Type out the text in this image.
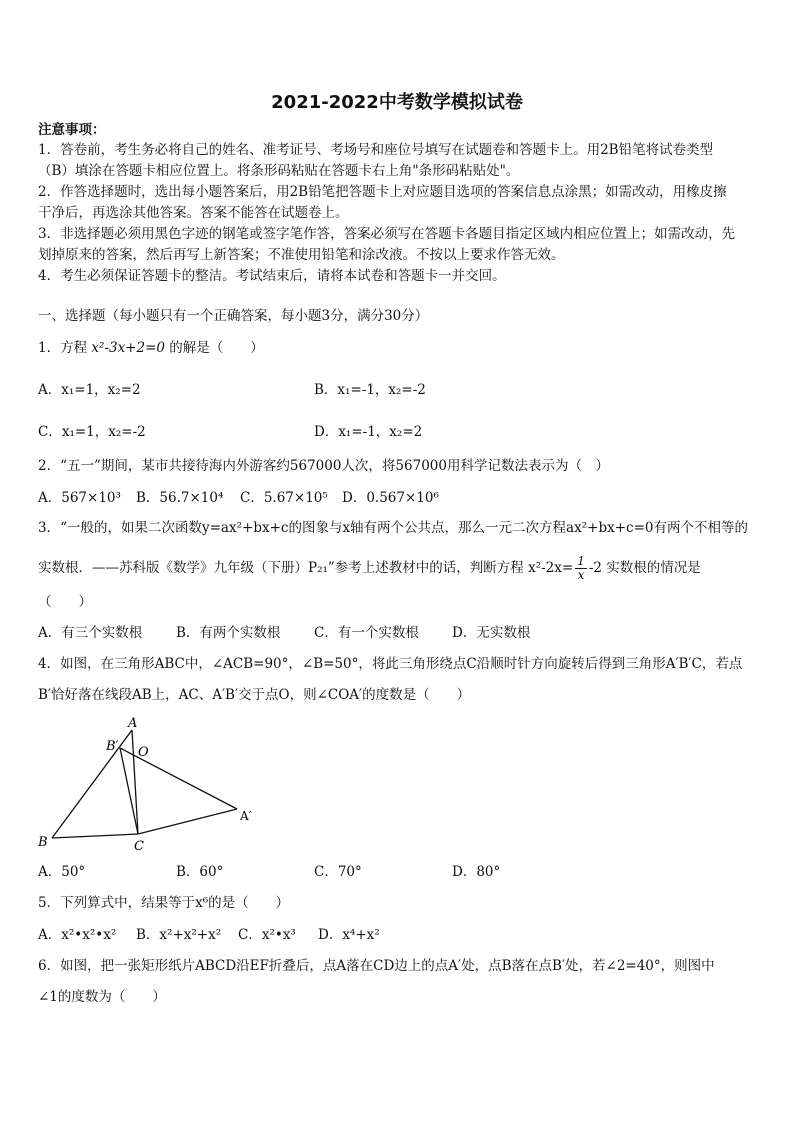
2021-2022中考数学模拟试卷
注意事项：
1．答卷前，考生务必将自己的姓名、准考证号、考场号和座位号填写在试题卷和答题卡上。用2B铅笔将试卷类型
（B）填涂在答题卡相应位置上。将条形码粘贴在答题卡右上角"条形码粘贴处"。
2．作答选择题时，选出每小题答案后，用2B铅笔把答题卡上对应题目选项的答案信息点涂黑；如需改动，用橡皮擦
干净后，再选涂其他答案。答案不能答在试题卷上。
3．非选择题必须用黑色字迹的钢笔或签字笔作答，答案必须写在答题卡各题目指定区域内相应位置上；如需改动，先
划掉原来的答案，然后再写上新答案；不准使用铅笔和涂改液。不按以上要求作答无效。
4．考生必须保证答题卡的整洁。考试结束后，请将本试卷和答题卡一并交回。
一、选择题（每小题只有一个正确答案，每小题3分，满分30分）
1．方程 x²-3x+2=0 的解是（　　）
A．x₁=1，x₂=2	B．x₁=-1，x₂=-2
C．x₁=1，x₂=-2	D．x₁=-1，x₂=2
2．“五一”期间，某市共接待海内外游客约567000人次，将567000用科学记数法表示为（　）
A．567×10³ B．56.7×10⁴ C．5.67×10⁵ D．0.567×10⁶
3．“一般的，如果二次函数y=ax²+bx+c的图象与x轴有两个公共点，那么一元二次方程ax²+bx+c=0有两个不相等的
实数根．——苏科版《数学》九年级（下册）P₂₁”参考上述教材中的话，判断方程 $x^2-2x= \frac{1}{x} -2$ 实数根的情况是
（　　）
A．有三个实数根	B．有两个实数根 C．有一个实数根 D．无实数根
4．如图，在三角形ABC中，∠ACB=90°，∠B=50°，将此三角形绕点C沿顺时针方向旋转后得到三角形A′B′C，若点
B′恰好落在线段AB上，AC、A′B′交于点O，则∠COA′的度数是（　　）
A
B′ O
A′
B	C
A．50°	B．60°	C．70°	D．80°
5．下列算式中，结果等于x⁶的是（　　）
A．x²•x²•x² B．x²+x²+x² C．x²•x³ D．x⁴+x²
6．如图，把一张矩形纸片ABCD沿EF折叠后，点A落在CD边上的点A′处，点B落在点B′处，若∠2=40°，则图中
∠1的度数为（　　）
